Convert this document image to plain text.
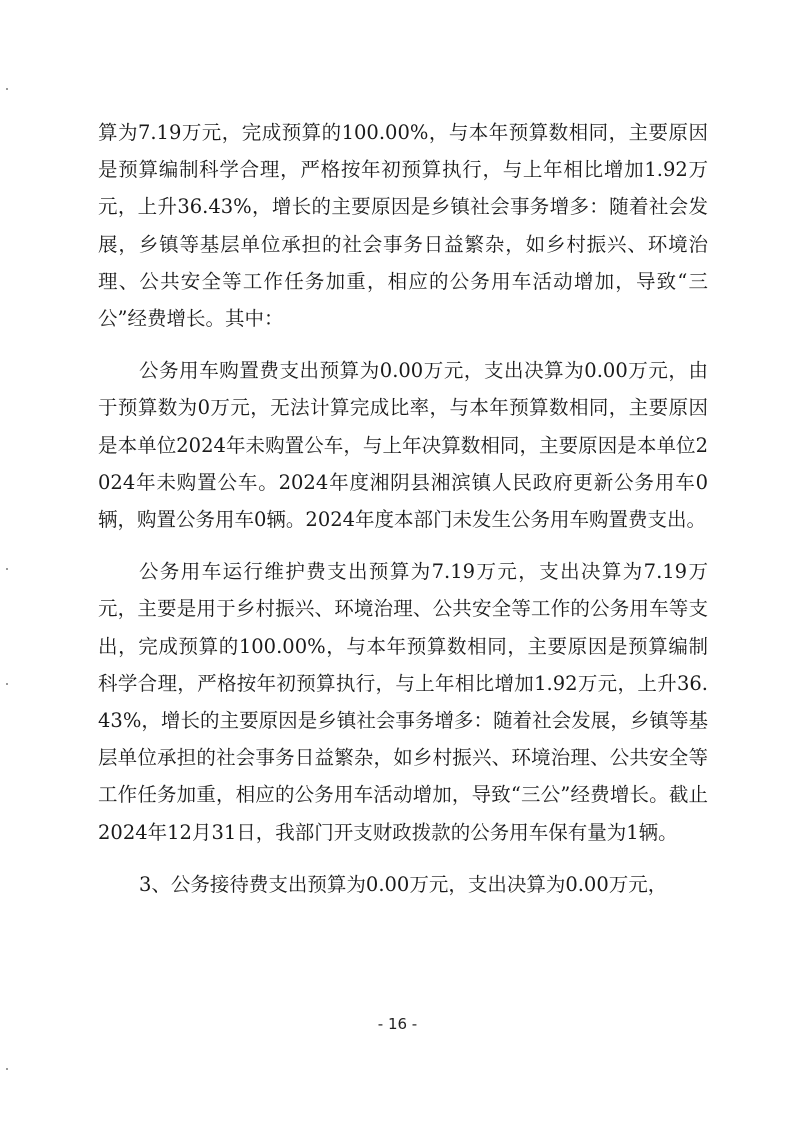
算为7.19万元，完成预算的100.00%，与本年预算数相同，主要原因是预算编制科学合理，严格按年初预算执行，与上年相比增加1.92万元，上升36.43%，增长的主要原因是乡镇社会事务增多：随着社会发展，乡镇等基层单位承担的社会事务日益繁杂，如乡村振兴、环境治理、公共安全等工作任务加重，相应的公务用车活动增加，导致“三公”经费增长。其中：

公务用车购置费支出预算为0.00万元，支出决算为0.00万元，由于预算数为0万元，无法计算完成比率，与本年预算数相同，主要原因是本单位2024年未购置公车，与上年决算数相同，主要原因是本单位2024年未购置公车。2024年度湘阴县湘滨镇人民政府更新公务用车0辆，购置公务用车0辆。2024年度本部门未发生公务用车购置费支出。

公务用车运行维护费支出预算为7.19万元，支出决算为7.19万元，主要是用于乡村振兴、环境治理、公共安全等工作的公务用车等支出，完成预算的100.00%，与本年预算数相同，主要原因是预算编制科学合理，严格按年初预算执行，与上年相比增加1.92万元，上升36.43%，增长的主要原因是乡镇社会事务增多：随着社会发展，乡镇等基层单位承担的社会事务日益繁杂，如乡村振兴、环境治理、公共安全等工作任务加重，相应的公务用车活动增加，导致“三公”经费增长。截止2024年12月31日，我部门开支财政拨款的公务用车保有量为1辆。

3、公务接待费支出预算为0.00万元，支出决算为0.00万元，

- 16 -
